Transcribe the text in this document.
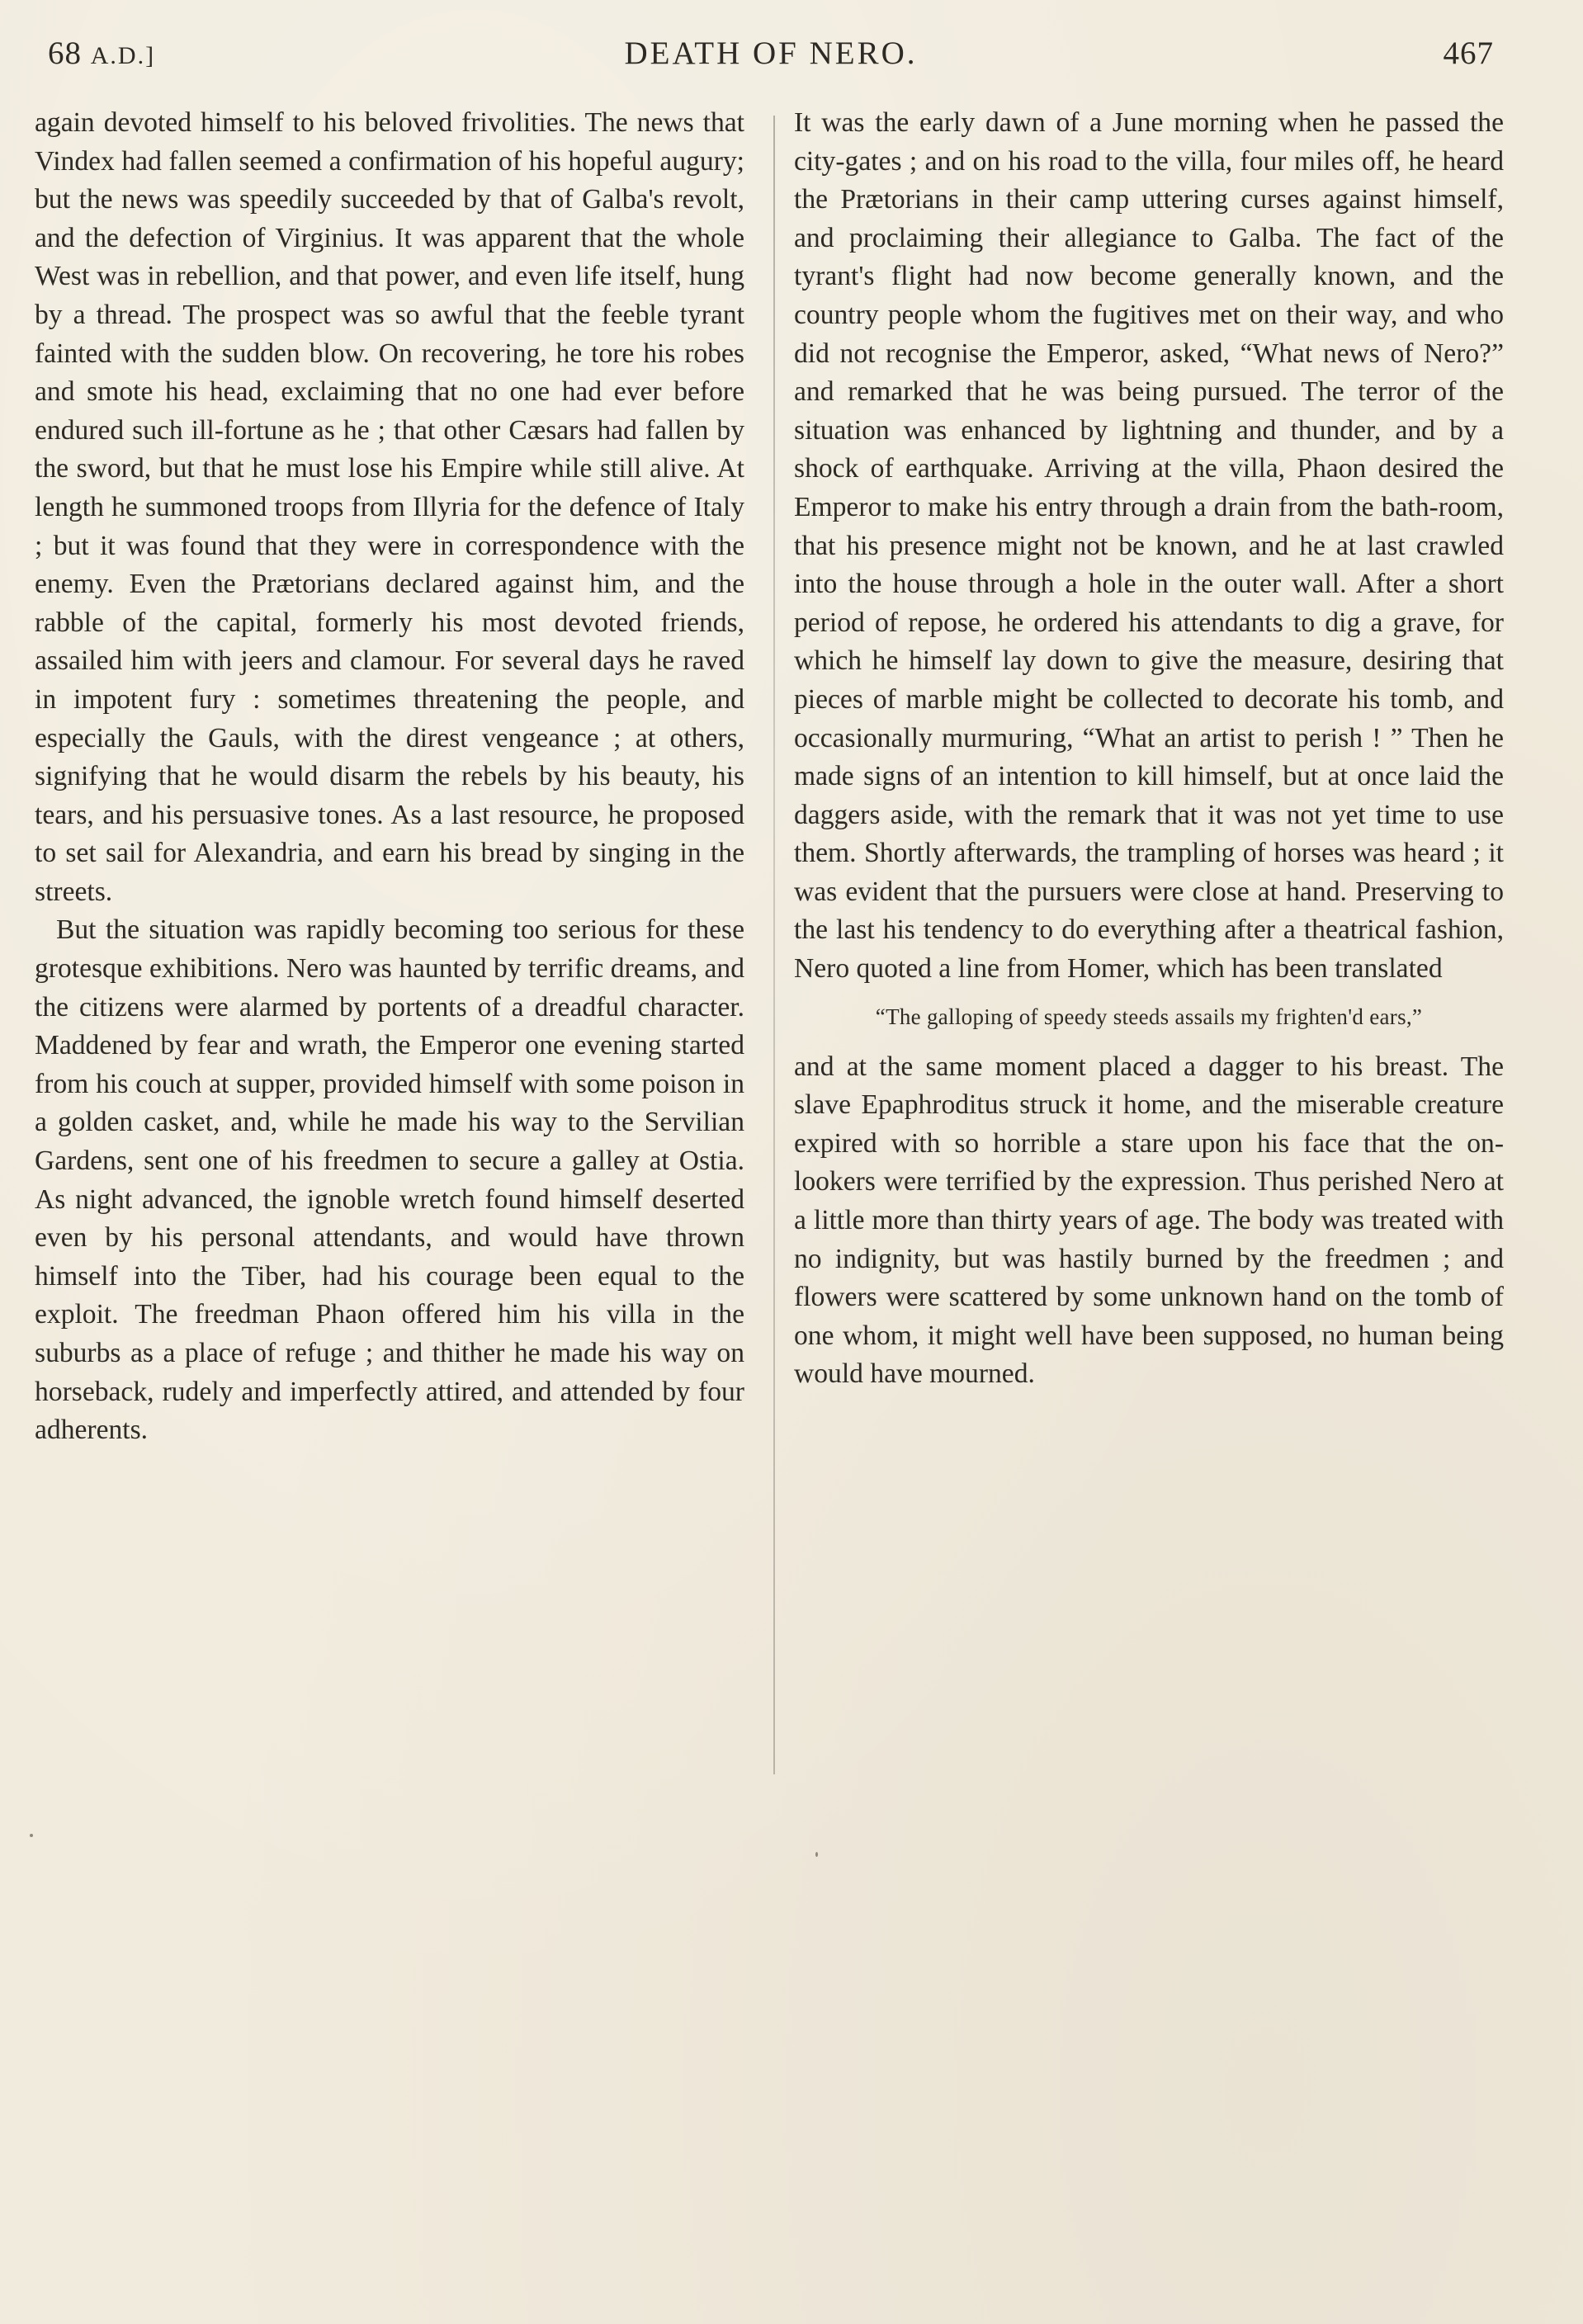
68 A.D.]	DEATH OF NERO.	467

again devoted himself to his beloved frivolities. The news that Vindex had fallen seemed a confirmation of his hopeful augury; but the news was speedily succeeded by that of Galba's revolt, and the defection of Virginius. It was apparent that the whole West was in rebellion, and that power, and even life itself, hung by a thread. The prospect was so awful that the feeble tyrant fainted with the sudden blow. On recovering, he tore his robes and smote his head, exclaiming that no one had ever before endured such ill-fortune as he ; that other Cæsars had fallen by the sword, but that he must lose his Empire while still alive. At length he summoned troops from Illyria for the defence of Italy ; but it was found that they were in correspondence with the enemy. Even the Prætorians declared against him, and the rabble of the capital, formerly his most devoted friends, assailed him with jeers and clamour. For several days he raved in impotent fury : sometimes threatening the people, and especially the Gauls, with the direst vengeance ; at others, signifying that he would disarm the rebels by his beauty, his tears, and his persuasive tones. As a last resource, he proposed to set sail for Alexandria, and earn his bread by singing in the streets.

But the situation was rapidly becoming too serious for these grotesque exhibitions. Nero was haunted by terrific dreams, and the citizens were alarmed by portents of a dreadful character. Maddened by fear and wrath, the Emperor one evening started from his couch at supper, provided himself with some poison in a golden casket, and, while he made his way to the Servilian Gardens, sent one of his freedmen to secure a galley at Ostia. As night advanced, the ignoble wretch found himself deserted even by his personal attendants, and would have thrown himself into the Tiber, had his courage been equal to the exploit. The freedman Phaon offered him his villa in the suburbs as a place of refuge ; and thither he made his way on horseback, rudely and imperfectly attired, and attended by four adherents.

It was the early dawn of a June morning when he passed the city-gates ; and on his road to the villa, four miles off, he heard the Prætorians in their camp uttering curses against himself, and proclaiming their allegiance to Galba. The fact of the tyrant's flight had now become generally known, and the country people whom the fugitives met on their way, and who did not recognise the Emperor, asked, “What news of Nero?” and remarked that he was being pursued. The terror of the situation was enhanced by lightning and thunder, and by a shock of earthquake. Arriving at the villa, Phaon desired the Emperor to make his entry through a drain from the bath-room, that his presence might not be known, and he at last crawled into the house through a hole in the outer wall. After a short period of repose, he ordered his attendants to dig a grave, for which he himself lay down to give the measure, desiring that pieces of marble might be collected to decorate his tomb, and occasionally murmuring, “What an artist to perish ! ” Then he made signs of an intention to kill himself, but at once laid the daggers aside, with the remark that it was not yet time to use them. Shortly afterwards, the trampling of horses was heard ; it was evident that the pursuers were close at hand. Preserving to the last his tendency to do everything after a theatrical fashion, Nero quoted a line from Homer, which has been translated

“The galloping of speedy steeds assails my frighten'd ears,”

and at the same moment placed a dagger to his breast. The slave Epaphroditus struck it home, and the miserable creature expired with so horrible a stare upon his face that the on-lookers were terrified by the expression. Thus perished Nero at a little more than thirty years of age. The body was treated with no indignity, but was hastily burned by the freedmen ; and flowers were scattered by some unknown hand on the tomb of one whom, it might well have been supposed, no human being would have mourned.
